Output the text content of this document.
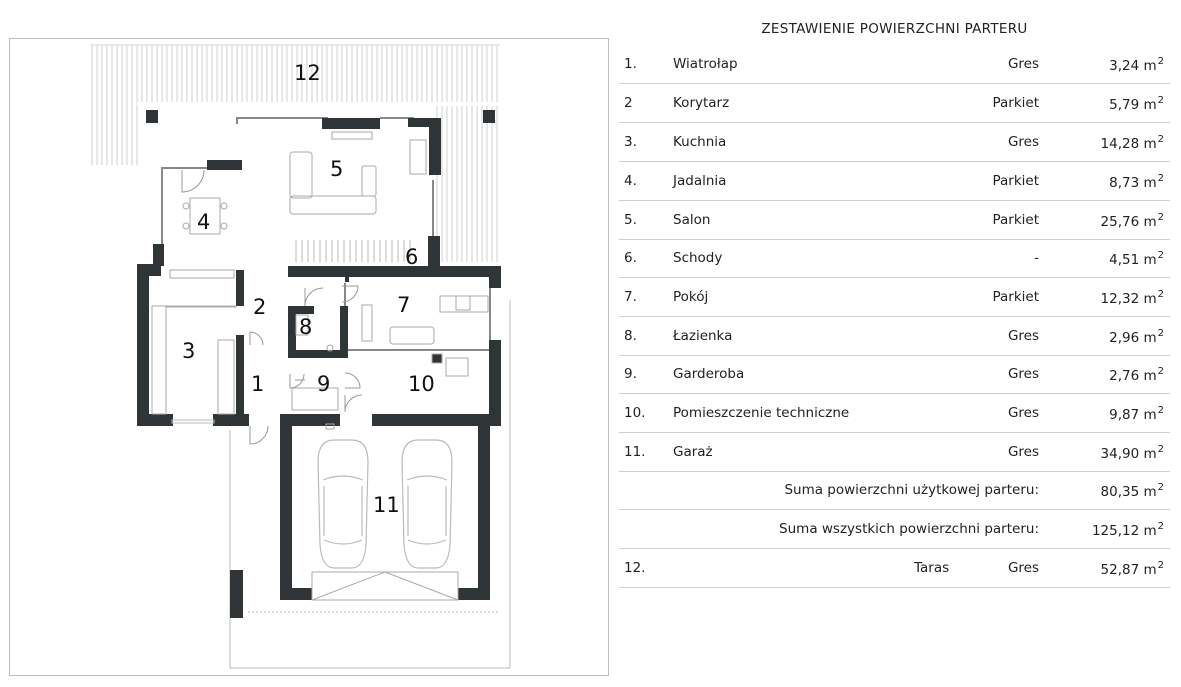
1
2
3
4
5
6
7
8
9	10
11
12
ZESTAWIENIE POWIERZCHNI PARTERU
1.	Wiatrołap	Gres	3,24 $m^2$
2	Korytarz	Parkiet	5,79 $m^2$
3.	Kuchnia	Gres	14,28 $m^2$
4.	Jadalnia	Parkiet	8,73 $m^2$
5.	Salon	Parkiet	25,76 $m^2$
6.	Schody	-	4,51 $m^2$
7.	Pokój	Parkiet	12,32 $m^2$
8.	Łazienka	Gres	2,96 $m^2$
9.	Garderoba	Gres	2,76 $m^2$
10. Pomieszczenie techniczne	Gres	9,87 $m^2$
11. Garaż	Gres	34,90 $m^2$
Suma powierzchni użytkowej parteru:	80,35 $m^2$
Suma wszystkich powierzchni parteru:	125,12 $m^2$
12.	Taras	Gres	52,87 $m^2$
